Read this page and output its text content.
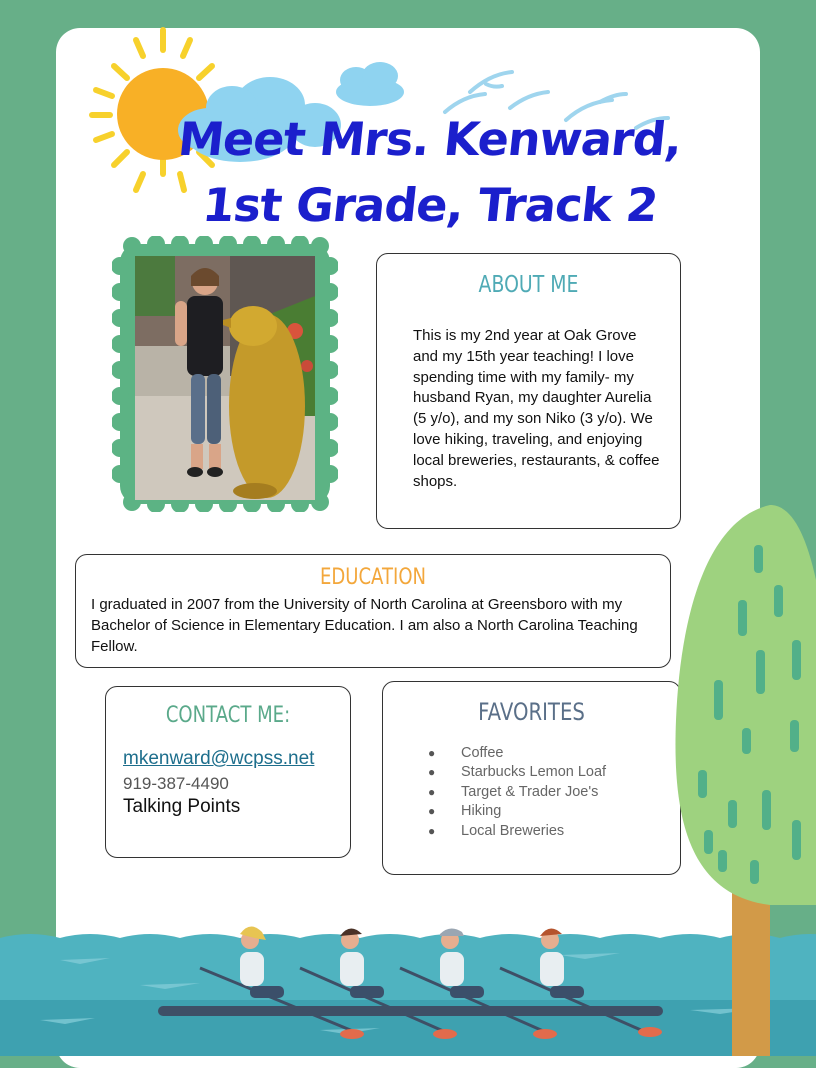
Meet Mrs. Kenward,
1st Grade, Track 2
ABOUT ME

This is my 2nd year at Oak Grove and my 15th year teaching! I love spending time with my family- my husband Ryan, my daughter Aurelia (5 y/o), and my son Niko (3 y/o). We love hiking, traveling, and enjoying local breweries, restaurants, & coffee shops.

EDUCATION

I graduated in 2007 from the University of North Carolina at Greensboro with my Bachelor of Science in Elementary Education. I am also a North Carolina Teaching Fellow.

CONTACT ME:
mkenward@wcpss.net
919-387-4490
Talking Points
FAVORITES
● Coffee
● Starbucks Lemon Loaf
● Target & Trader Joe's
● Hiking
● Local Breweries
